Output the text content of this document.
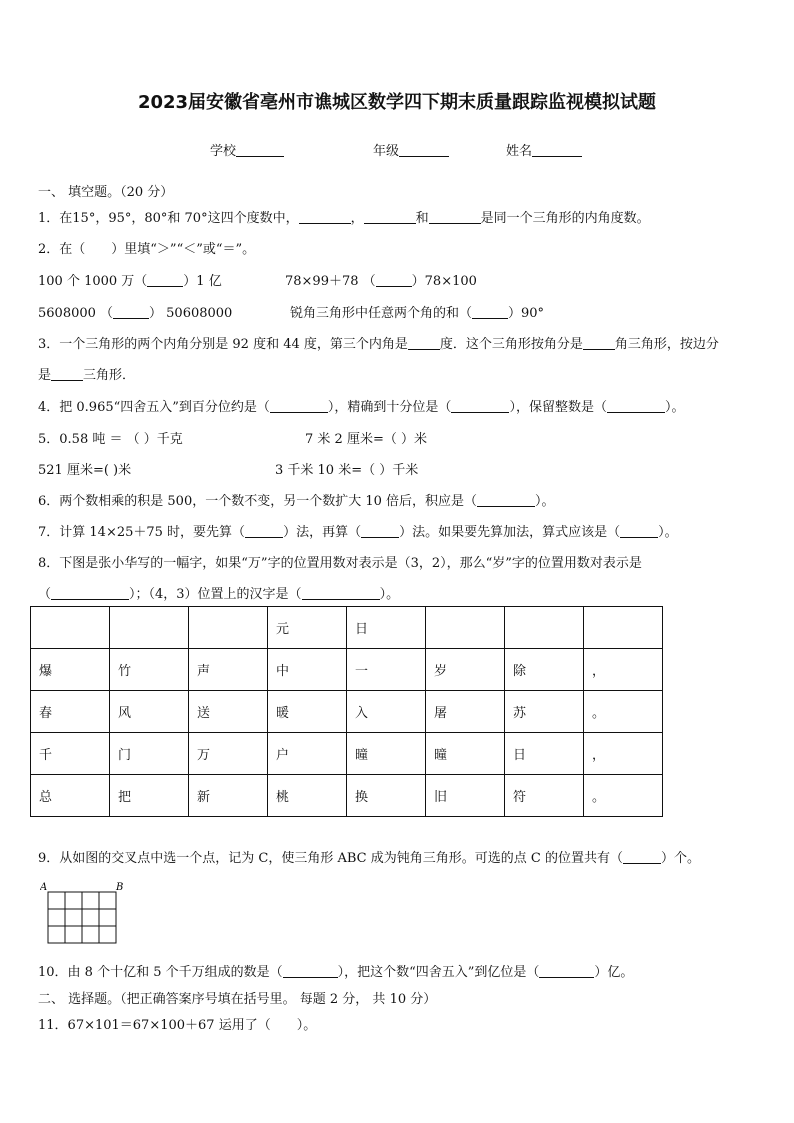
2023届安徽省亳州市谯城区数学四下期末质量跟踪监视模拟试题
学校	年级	姓名
一、 填空题。（20 分）
1．在15°，95°，80°和 70°这四个度数中，	，	和	是同一个三角形的内角度数。
2．在（　　）里填“＞”“＜”或“＝”。
100 个 1000 万（	）1 亿	78×99＋78 （	）78×100
5608000 （	） 50608000	锐角三角形中任意两个角的和（	）90°
3．一个三角形的两个内角分别是 92 度和 44 度，第三个内角是 度．这个三角形按角分是 角三角形，按边分
是 三角形．
4．把 0.965“四舍五入”到百分位约是（	），精确到十分位是（	），保留整数是（	）。
5．0.58 吨 ＝ （ ）千克	7 米 2 厘米=（ ）米
521 厘米=( )米	3 千米 10 米=（ ）千米
6．两个数相乘的积是 500，一个数不变，另一个数扩大 10 倍后，积应是（	）。
7．计算 14×25＋75 时，要先算（	）法，再算（	）法。如果要先算加法，算式应该是（	）。
8．下图是张小华写的一幅字，如果“万”字的位置用数对表示是（3，2），那么“岁”字的位置用数对表示是
（	）；（4，3）位置上的汉字是（	）。
			元	日			
爆	竹	声	中	一	岁	除	，
春	风	送	暖	入	屠	苏	。
千	门	万	户	曈	曈	日	，
总	把	新	桃	换	旧	符	。
9．从如图的交叉点中选一个点，记为 C，使三角形 ABC 成为钝角三角形。可选的点 C 的位置共有（	）个。
A	B
10．由 8 个十亿和 5 个千万组成的数是（	），把这个数“四舍五入”到亿位是（	）亿。
二、 选择题。（把正确答案序号填在括号里。 每题 2 分， 共 10 分）
11．67×101＝67×100＋67 运用了（　　）。
